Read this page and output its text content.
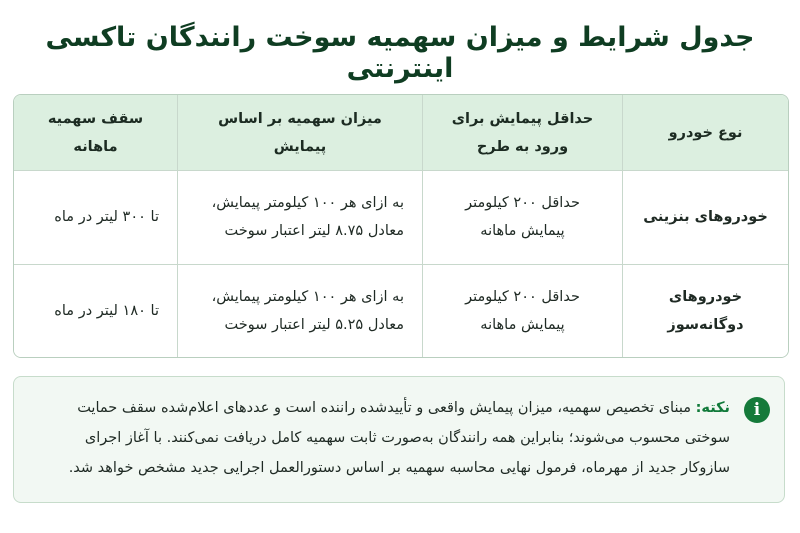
جدول شرایط و میزان سهمیه سوخت رانندگان تاکسی اینترنتی
نوع خودرو	حداقل پیمایش برای ورود به طرح	میزان سهمیه بر اساس پیمایش	سقف سهمیه ماهانه
خودروهای بنزینی	حداقل ۲۰۰ کیلومتر پیمایش ماهانه	به ازای هر ۱۰۰ کیلومتر پیمایش، معادل ۸.۷۵ لیتر اعتبار سوخت	تا ۳۰۰ لیتر در ماه
خودروهای دوگانه‌سوز	حداقل ۲۰۰ کیلومتر پیمایش ماهانه	به ازای هر ۱۰۰ کیلومتر پیمایش، معادل ۵.۲۵ لیتر اعتبار سوخت	تا ۱۸۰ لیتر در ماه
i
نکته: مبنای تخصیص سهمیه، میزان پیمایش واقعی و تأییدشده راننده است و عددهای اعلام‌شده سقف حمایت سوختی محسوب می‌شوند؛ بنابراین همه رانندگان به‌صورت ثابت سهمیه کامل دریافت نمی‌کنند. با آغاز اجرای سازوکار جدید از مهرماه، فرمول نهایی محاسبه سهمیه بر اساس دستورالعمل اجرایی جدید مشخص خواهد شد.
